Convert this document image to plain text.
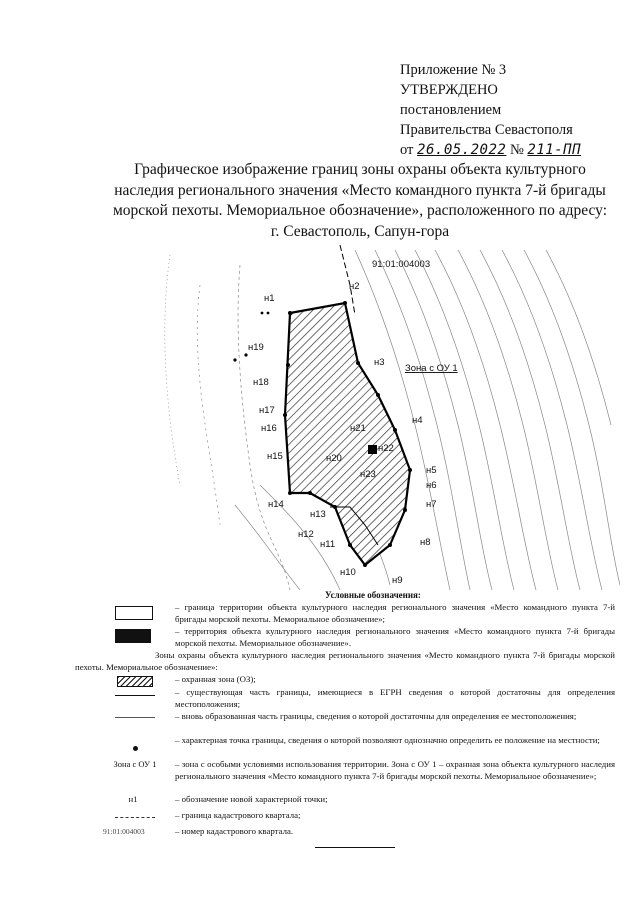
Приложение № 3
УТВЕРЖДЕНО
постановлением
Правительства Севастополя
от 26.05.2022 № 211-ПП
Графическое изображение границ зоны охраны объекта культурного
наследия регионального значения «Место командного пункта 7-й бригады
морской пехоты. Мемориальное обозначение», расположенного по адресу:
г. Севастополь, Сапун-гора
91:01:004003
Зона с ОУ 1
н1
н2
н3
н4
н5
н6
н7
н8
н9
н10
н11
н12
н13
н14
н15
н16
н17
н18
н19
н20
н21
н22
н23
Условные обозначения:
– граница территории объекта культурного наследия регионального значения «Место командного пункта 7-й бригады морской пехоты. Мемориальное обозначение»;
– территория объекта культурного наследия регионального значения «Место командного пункта 7-й бригады морской пехоты. Мемориальное обозначение».
Зоны охраны объекта культурного наследия регионального значения «Место командного пункта 7-й бригады морской пехоты. Мемориальное обозначение»:
– охранная зона (ОЗ);
– существующая часть границы, имеющиеся в ЕГРН сведения о которой достаточны для определения местоположения;
– вновь образованная часть границы, сведения о которой достаточны для определения ее местоположения;
– характерная точка границы, сведения о которой позволяют однозначно определить ее положение на местности;
Зона с ОУ 1 – зона с особыми условиями использования территории. Зона с ОУ 1 – охранная зона объекта культурного наследия регионального значения «Место командного пункта 7-й бригады морской пехоты. Мемориальное обозначение»;
н1	– обозначение новой характерной точки;
– граница кадастрового квартала;
91:01:004003	– номер кадастрового квартала.
